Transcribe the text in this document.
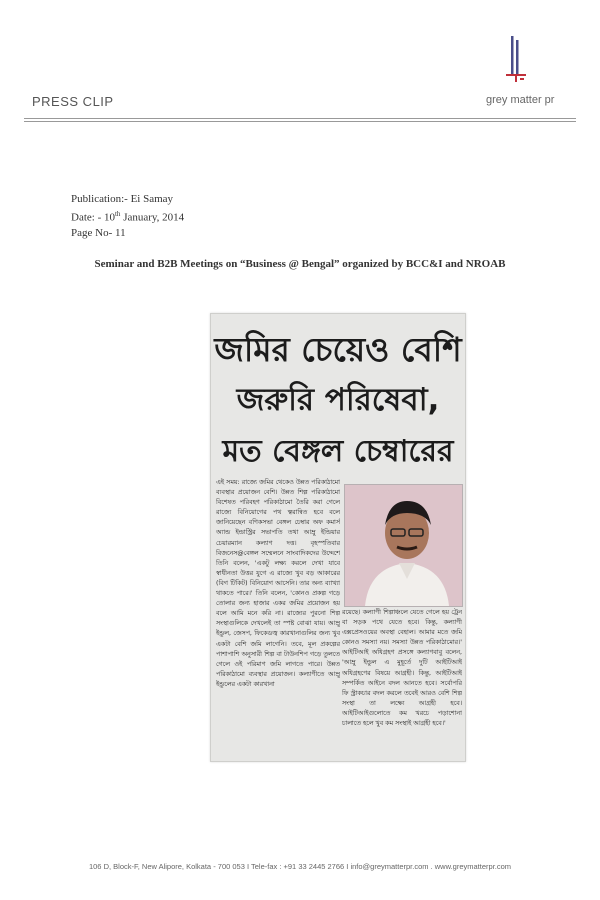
PRESS CLIP	grey matter pr
Publication:- Ei Samay
Date: - 10th January, 2014
Page No- 11
Seminar and B2B Meetings on “Business @ Bengal” organized by BCC&I and NROAB
জমির চেয়েও বেশি
জরুরি পরিষেবা,
মত বেঙ্গল চেম্বারের
এই সময়: রাজ্যে জমির থেকেও উন্নত পরিকাঠামো ব্যবস্থার প্রয়োজন বেশি। উন্নত শিল্প পরিকাঠামো বিশেষত পরিবহণ পরিকাঠামো তৈরি করা গেলে রাজ্যে বিনিয়োগের পথ ত্বরান্বিত হবে বলে জানিয়েছেন বণিকসভা বেঙ্গল চেম্বার অফ কমার্স অ্যান্ড ইন্ডাস্ট্রির সভাপতি তথা আম্রু ইন্ডিয়ার চেয়ারম্যান কল্যাণ দত্ত। বৃহস্পতিবার বিজনেস@বেঙ্গল সম্মেলনে সাংবাদিকদের উদ্দেশে তিনি বলেন, 'একটু লক্ষ্য করলে দেখা যাবে স্বাধীনতা উত্তর যুগে এ রাজ্যে খুব বড় আকারের (বিগ টিকিট) বিনিয়োগ আসেনি। তার অন্য ব্যাখ্যা থাকতে পারে।' তিনি বলেন, 'কোনও প্রকল্প গড়ে তোলার জন্য হাজার একর জমির প্রয়োজন হয় বলে আমি মনে করি না। রাজ্যের পুরনো শিল্প সংস্থাগুলিকে দেখলেই তা স্পষ্ট বোঝা যায়। আম্রু ইন্ডুল, জেসপ, ফিকেডজ্ব কারখানাগুলির জন্য খুব একটা বেশি জমি লাগেনি। তবে, মূল প্রকল্পের পাশাপাশি অনুসারী শিল্প বা টাউনশিপ গড়ে তুলতে গেলে ওই পরিমাণ জমি লাগতে পারে। উন্নত পরিকাঠামো ব্যবস্থার প্রয়োজন। কল্যাণীতে আম্রু ইন্ডুলের একটা কারখানা
রয়েছে। কল্যাণী শিল্পাঞ্চলে যেতে গেলে হয় ট্রেন বা সড়ক পথে যেতে হবে। কিন্তু, কল্যাণী এক্সপ্রেসওয়ের অবস্থা বেহাল। আমার মতে জমি কোনও সমস্যা নয়। সমস্যা উন্নত পরিকাঠামোর।' আইটিআই অধিগ্রহণ প্রসঙ্গে কল্যাণবাবু বলেন, 'আম্রু ইন্ডুল এ মুহূর্তে দুটি আইটিআই অধিগ্রহণের বিষয়ে আগ্রহী। কিন্তু, আইটিআই সম্পর্কিত আইনে বদল আনতে হবে। সর্বোপরি ফি স্ট্রাকচার বদল করলে তবেই আরও বেশি শিল্প সংস্থা তা লক্ষ্যে আগ্রহী হবে। আইটিআইগুলোতে কম খরচে পড়াশোনা চালাতে হলে খুব কম সংস্থাই আগ্রহী হবে।'
106 D, Block-F, New Alipore, Kolkata - 700 053 I Tele-fax : +91 33 2445 2766 I info@greymatterpr.com . www.greymatterpr.com
